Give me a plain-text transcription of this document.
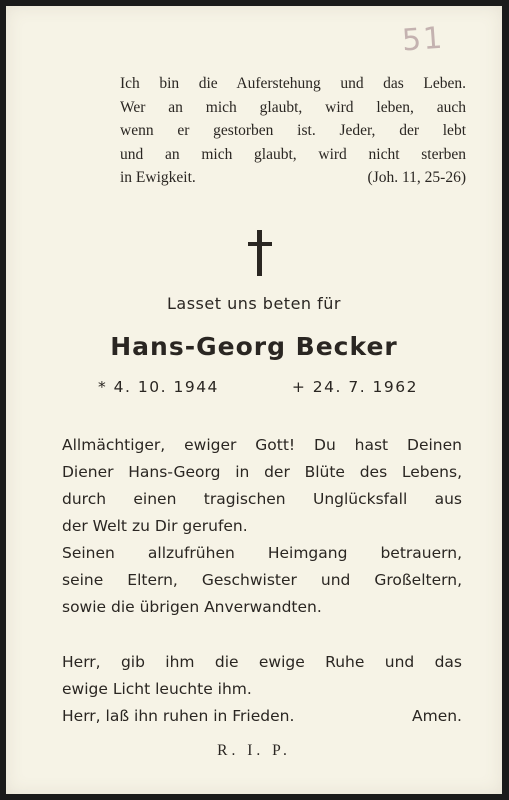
51
Ich bin die Auferstehung und das Leben.
Wer an mich glaubt, wird leben, auch
wenn er gestorben ist. Jeder, der lebt
und an mich glaubt, wird nicht sterben
in Ewigkeit.	(Joh. 11, 25-26)
Lasset uns beten für
Hans-Georg Becker
* 4. 10. 1944	+ 24. 7. 1962
Allmächtiger, ewiger Gott! Du hast Deinen
Diener Hans-Georg in der Blüte des Lebens,
durch einen tragischen Unglücksfall aus
der Welt zu Dir gerufen.
Seinen allzufrühen Heimgang betrauern,
seine Eltern, Geschwister und Großeltern,
sowie die übrigen Anverwandten.
Herr, gib ihm die ewige Ruhe und das
ewige Licht leuchte ihm.
Herr, laß ihn ruhen in Frieden.	Amen.
R. I. P.
